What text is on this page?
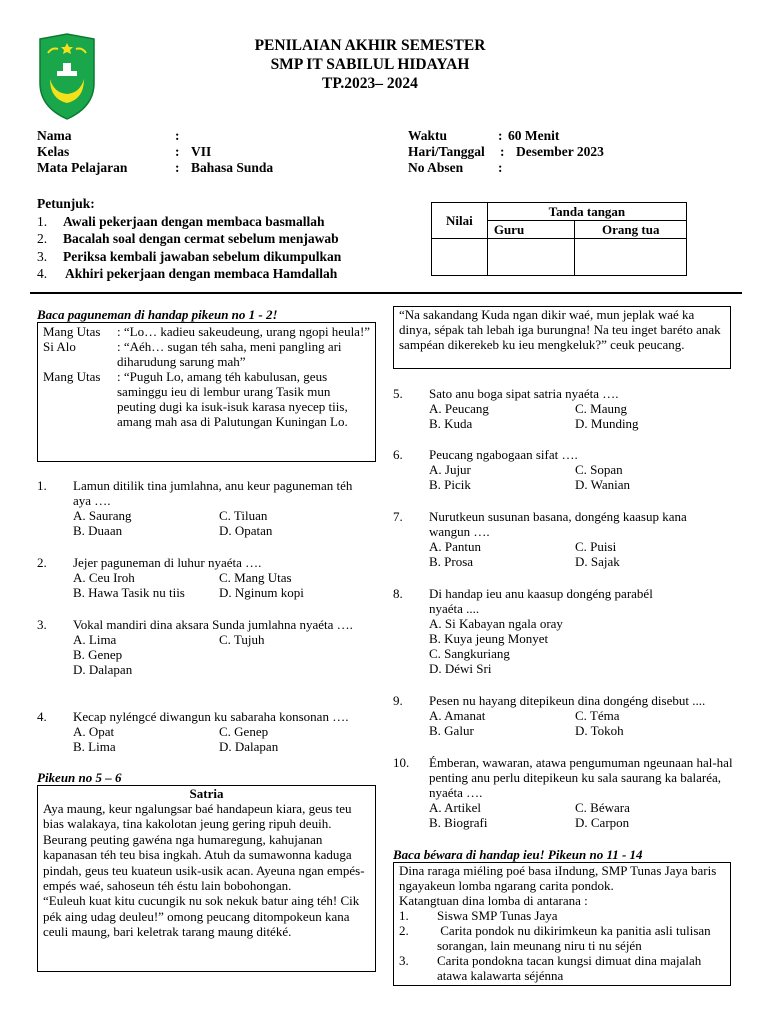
PENILAIAN AKHIR SEMESTER
SMP IT SABILUL HIDAYAH
TP.2023– 2024
Nama	:
Kelas	: VII
Mata Pelajaran	: Bahasa Sunda
Waktu	: 60 Menit
Hari/Tanggal	: Desember 2023
No Absen	:
Petunjuk:
1.	Awali pekerjaan dengan membaca basmallah
2.	Bacalah soal dengan cermat sebelum menjawab
3.	Periksa kembali jawaban sebelum dikumpulkan
4.	Akhiri pekerjaan dengan membaca Hamdallah
Nilai	Tanda tangan	
	Guru	Orang tua

Baca paguneman di handap pikeun no 1 - 2!
Mang Utas	: “Lo… kadieu sakeudeung, urang ngopi heula!”
Si Alo	: “Aéh… sugan téh saha, meni pangling ari diharudung sarung mah”
Mang Utas	: “Puguh Lo, amang téh kabulusan, geus saminggu ieu di lembur urang Tasik mun peuting dugi ka isuk-isuk karasa nyecep tiis, amang mah asa di Palutungan Kuningan Lo.
1.	Lamun ditilik tina jumlahna, anu keur paguneman téh aya ….
A. Saurang	C. Tiluan
B. Duaan	D. Opatan
2.	Jejer paguneman di luhur nyaéta ….
A. Ceu Iroh	C. Mang Utas
B. Hawa Tasik nu tiis	D. Nginum kopi
3.	Vokal mandiri dina aksara Sunda jumlahna nyaéta ….
A. Lima	C. Tujuh
B. Genep
D. Dalapan
4.	Kecap nyléngcé diwangun ku sabaraha konsonan ….
A. Opat	C. Genep
B. Lima	D. Dalapan
Pikeun no 5 – 6
Satria
Aya maung, keur ngalungsar baé handapeun kiara, geus teu bias walakaya, tina kakolotan jeung gering ripuh deuih. Beurang peuting gawéna nga humaregung, kahujanan kapanasan téh teu bisa ingkah. Atuh da sumawonna kaduga pindah, geus teu kuateun usik-usik acan. Ayeuna ngan empés-empés waé, sahoseun téh éstu lain bobohongan.
“Euleuh kuat kitu cucungik nu sok nekuk batur aing téh! Cik pék aing udag deuleu!” omong peucang ditompokeun kana ceuli maung, bari keletrak tarang maung ditéké.
“Na sakandang Kuda ngan dikir waé, mun jeplak waé ka dinya, sépak tah lebah iga burungna! Na teu inget baréto anak sampéan dikerekeb ku ieu mengkeluk?” ceuk peucang.
5.	Sato anu boga sipat satria nyaéta ….
A. Peucang	C. Maung
B. Kuda	D. Munding
6.	Peucang ngabogaan sifat ….
A. Jujur	C. Sopan
B. Picik	D. Wanian
7.	Nurutkeun susunan basana, dongéng kaasup kana wangun ….
A. Pantun	C. Puisi
B. Prosa	D. Sajak
8.	Di handap ieu anu kaasup dongéng parabél nyaéta ....
A. Si Kabayan ngala oray
B. Kuya jeung Monyet
C. Sangkuriang
D. Déwi Sri
9.	Pesen nu hayang ditepikeun dina dongéng disebut ....
A. Amanat	C. Téma
B. Galur	D. Tokoh
10.	Émberan, wawaran, atawa pengumuman ngeunaan hal-hal penting anu perlu ditepikeun ku sala saurang ka balaréa, nyaéta ….
A. Artikel	C. Béwara
B. Biografi	D. Carpon
Baca béwara di handap ieu! Pikeun no 11 - 14
Dina raraga miéling poé basa iIndung, SMP Tunas Jaya baris ngayakeun lomba ngarang carita pondok.
Katangtuan dina lomba di antarana :
1.	Siswa SMP Tunas Jaya
2.	Carita pondok nu dikirimkeun ka panitia asli tulisan sorangan, lain meunang niru ti nu séjén
3.	Carita pondokna tacan kungsi dimuat dina majalah atawa kalawarta séjénna
